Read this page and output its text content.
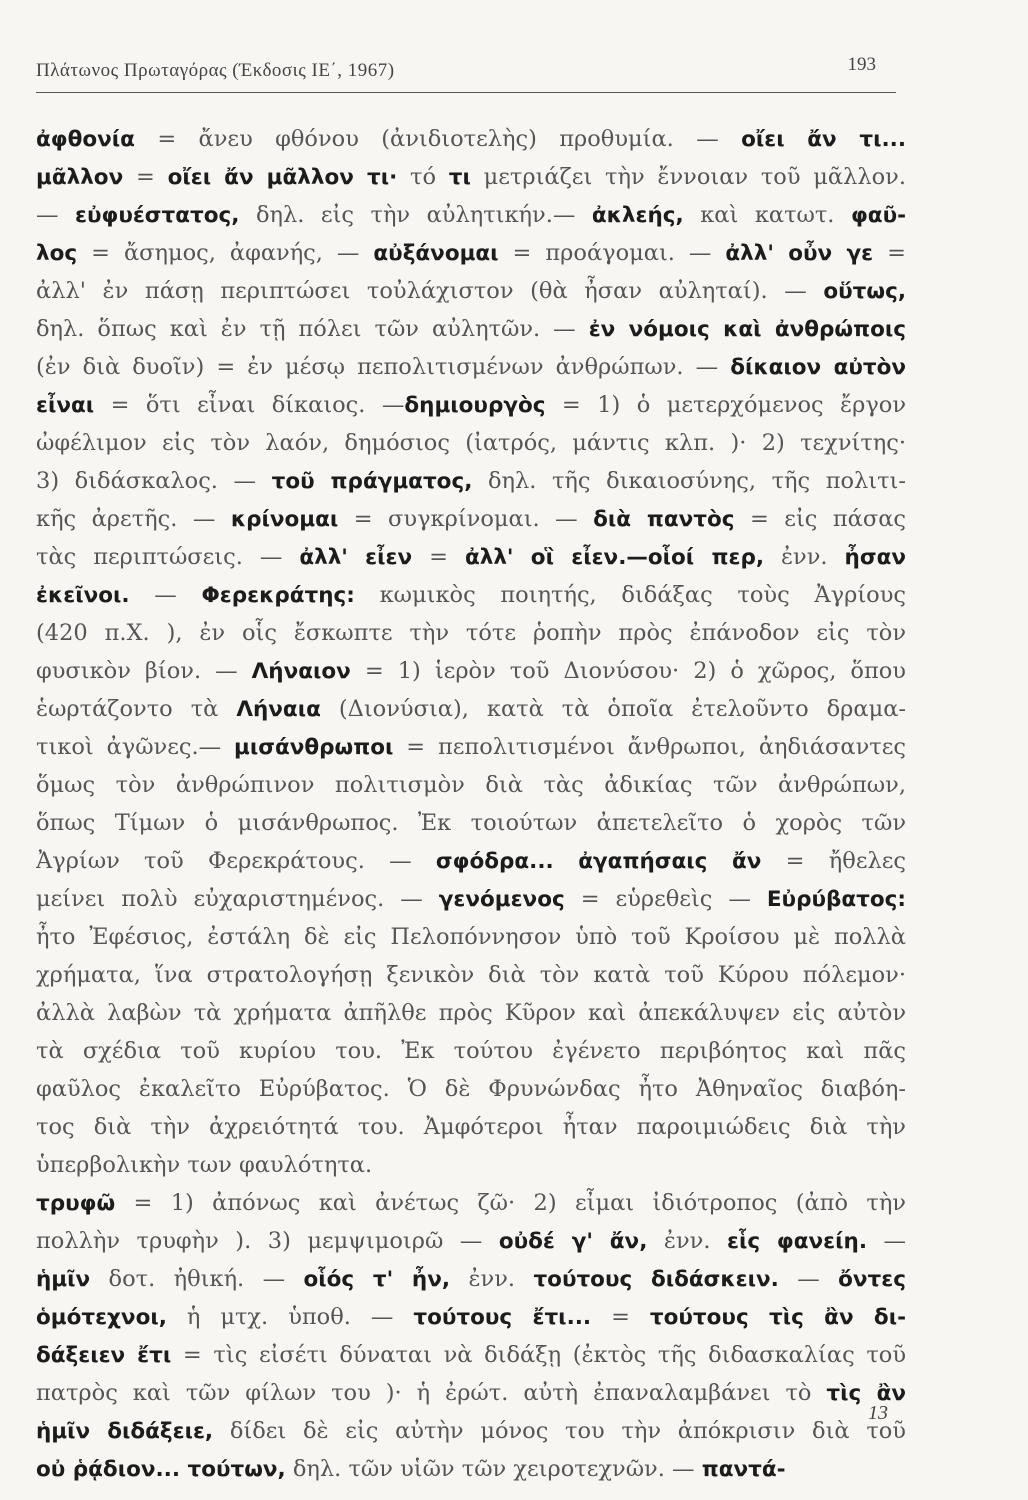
Πλάτωνος Πρωταγόρας (Έκδοσις ΙΕ΄, 1967)	193
ἀφθονία = ἄνευ φθόνου (ἀνιδιοτελὴς) προθυμία. — οἴει ἄν τι...
μᾶλλον = οἴει ἄν μᾶλλον τι· τό τι μετριάζει τὴν ἔννοιαν τοῦ μᾶλλον.
— εὐφυέστατος, δηλ. εἰς τὴν αὐλητικήν.— ἀκλεής, καὶ κατωτ. φαῦ-
λος = ἄσημος, ἀφανής, — αὐξάνομαι = προάγομαι. — ἀλλ' οὖν γε =
ἀλλ' ἐν πάσῃ περιπτώσει τοὐλάχιστον (θὰ ἦσαν αὐληταί). — οὕτως,
δηλ. ὅπως καὶ ἐν τῇ πόλει τῶν αὐλητῶν. — ἐν νόμοις καὶ ἀνθρώποις
(ἐν διὰ δυοῖν) = ἐν μέσῳ πεπολιτισμένων ἀνθρώπων. — δίκαιον αὐτὸν
εἶναι = ὅτι εἶναι δίκαιος. —δημιουργὸς = 1) ὁ μετερχόμενος ἔργον
ὠφέλιμον εἰς τὸν λαόν, δημόσιος (ἰατρός, μάντις κλπ. )· 2) τεχνίτης·
3) διδάσκαλος. — τοῦ πράγματος, δηλ. τῆς δικαιοσύνης, τῆς πολιτι-
κῆς ἀρετῆς. — κρίνομαι = συγκρίνομαι. — διὰ παντὸς = εἰς πάσας
τὰς περιπτώσεις. — ἀλλ' εἶεν = ἀλλ' οἳ εἶεν.—οἷοί περ, ἐνν. ἦσαν
ἐκεῖνοι. — Φερεκράτης: κωμικὸς ποιητής, διδάξας τοὺς Ἀγρίους
(420 π.Χ. ), ἐν οἷς ἔσκωπτε τὴν τότε ῥοπὴν πρὸς ἐπάνοδον εἰς τὸν
φυσικὸν βίον. — Λήναιον = 1) ἱερὸν τοῦ Διονύσου· 2) ὁ χῶρος, ὅπου
ἑωρτάζοντο τὰ Λήναια (Διονύσια), κατὰ τὰ ὁποῖα ἐτελοῦντο δραμα-
τικοὶ ἀγῶνες.— μισάνθρωποι = πεπολιτισμένοι ἄνθρωποι, ἀηδιάσαντες
ὅμως τὸν ἀνθρώπινον πολιτισμὸν διὰ τὰς ἀδικίας τῶν ἀνθρώπων,
ὅπως Τίμων ὁ μισάνθρωπος. Ἐκ τοιούτων ἀπετελεῖτο ὁ χορὸς τῶν
Ἀγρίων τοῦ Φερεκράτους. — σφόδρα... ἀγαπήσαις ἄν = ἤθελες
μείνει πολὺ εὐχαριστημένος. — γενόμενος = εὑρεθεὶς — Εὐρύβατος:
ἦτο Ἐφέσιος, ἐστάλη δὲ εἰς Πελοπόννησον ὑπὸ τοῦ Κροίσου μὲ πολλὰ
χρήματα, ἵνα στρατολογήσῃ ξενικὸν διὰ τὸν κατὰ τοῦ Κύρου πόλεμον·
ἀλλὰ λαβὼν τὰ χρήματα ἀπῆλθε πρὸς Κῦρον καὶ ἀπεκάλυψεν εἰς αὐτὸν
τὰ σχέδια τοῦ κυρίου του. Ἐκ τούτου ἐγένετο περιβόητος καὶ πᾶς
φαῦλος ἐκαλεῖτο Εὐρύβατος. Ὁ δὲ Φρυνώνδας ἦτο Ἀθηναῖος διαβόη-
τος διὰ τὴν ἀχρειότητά του. Ἀμφότεροι ἦταν παροιμιώδεις διὰ τὴν
ὑπερβολικὴν των φαυλότητα.
τρυφῶ = 1) ἀπόνως καὶ ἀνέτως ζῶ· 2) εἶμαι ἰδιότροπος (ἀπὸ τὴν
πολλὴν τρυφὴν ). 3) μεμψιμοιρῶ — οὐδέ γ' ἄν, ἐνν. εἷς φανείη. —
ἡμῖν δοτ. ἠθική. — οἷός τ' ἦν, ἐνν. τούτους διδάσκειν. — ὄντες
ὁμότεχνοι, ἡ μτχ. ὑποθ. — τούτους ἔτι... = τούτους τὶς ἂν δι-
δάξειεν ἔτι = τὶς εἰσέτι δύναται νὰ διδάξῃ (ἐκτὸς τῆς διδασκαλίας τοῦ
πατρὸς καὶ τῶν φίλων του )· ἡ ἐρώτ. αὐτὴ ἐπαναλαμβάνει τὸ τὶς ἂν
ἡμῖν διδάξειε, δίδει δὲ εἰς αὐτὴν μόνος του τὴν ἀπόκρισιν διὰ τοῦ
οὐ ῥᾴδιον... τούτων, δηλ. τῶν υἱῶν τῶν χειροτεχνῶν. — παντά-
13
